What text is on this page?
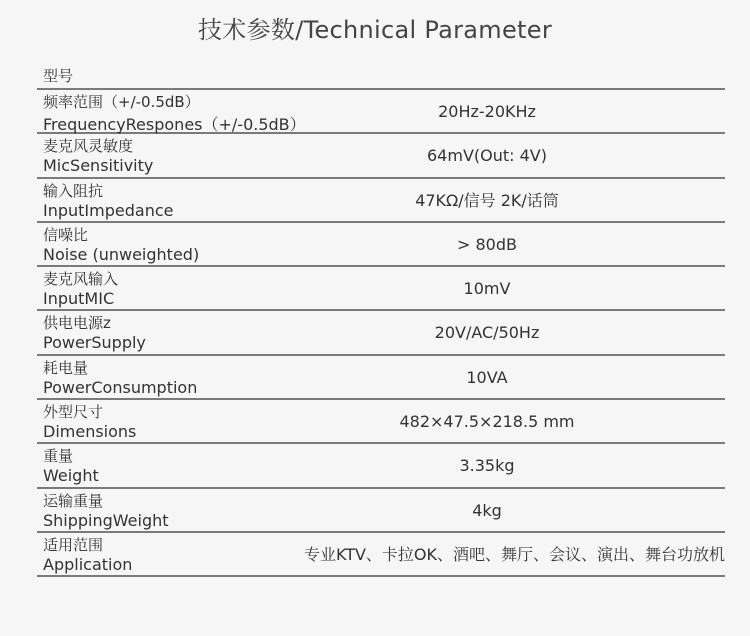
技术参数/Technical Parameter
型号
频率范围（+/-0.5dB）
FrequencyRespones（+/-0.5dB）
20Hz-20KHz
麦克风灵敏度
MicSensitivity
64mV(Out: 4V)
输入阻抗
InputImpedance
47KΩ/信号 2K/话筒
信噪比
Noise (unweighted)
> 80dB
麦克风输入
InputMIC
10mV
供电电源z
PowerSupply
20V/AC/50Hz
耗电量
PowerConsumption
10VA
外型尺寸
Dimensions
482×47.5×218.5 mm
重量
Weight
3.35kg
运输重量
ShippingWeight
4kg
适用范围
Application
专业KTV、卡拉OK、酒吧、舞厅、会议、演出、舞台功放机
